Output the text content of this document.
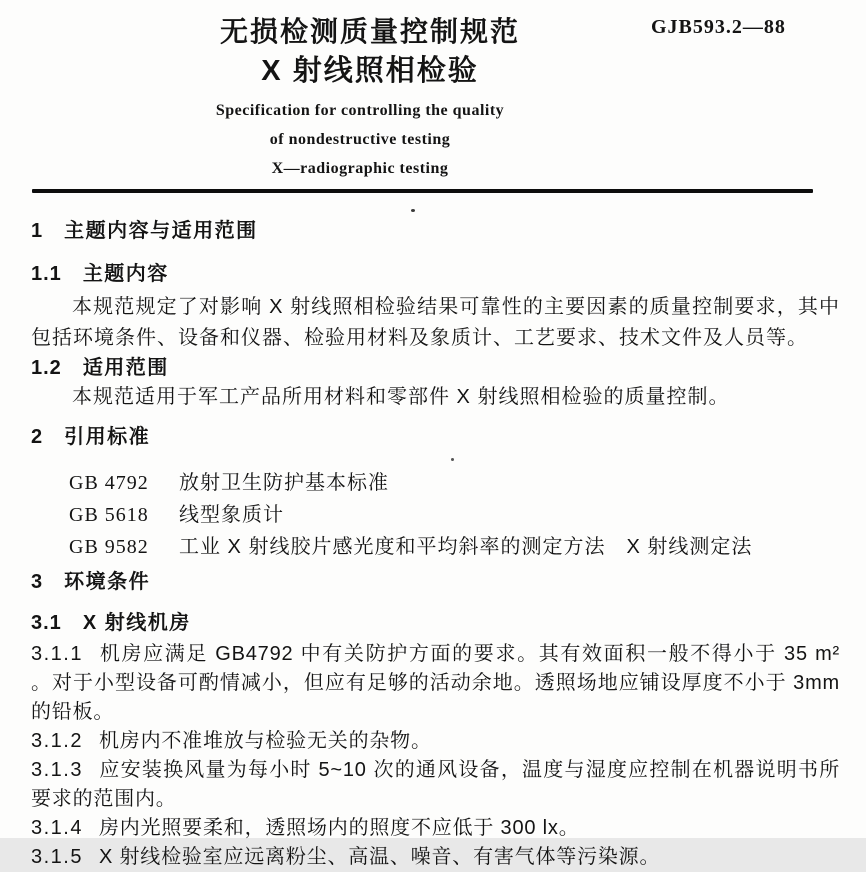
GJB593.2—88
无损检测质量控制规范
X 射线照相检验
Specification for controlling the quality
of nondestructive testing
X—radiographic testing
1 主题内容与适用范围
1.1 主题内容

本规范规定了对影响 X 射线照相检验结果可靠性的主要因素的质量控制要求，其中包括环境条件、设备和仪器、检验用材料及象质计、工艺要求、技术文件及人员等。

1.2 适用范围

本规范适用于军工产品所用材料和零部件 X 射线照相检验的质量控制。

2 引用标准
GB 4792	放射卫生防护基本标准
GB 5618	线型象质计
GB 9582	工业 X 射线胶片感光度和平均斜率的测定方法　X 射线测定法
3 环境条件
3.1 X 射线机房

3.1.1 机房应满足 GB4792 中有关防护方面的要求。其有效面积一般不得小于 35 m² 。对于小型设备可酌情减小，但应有足够的活动余地。透照场地应铺设厚度不小于 3mm 的铅板。

3.1.2 机房内不准堆放与检验无关的杂物。

3.1.3 应安装换风量为每小时 5~10 次的通风设备，温度与湿度应控制在机器说明书所要求的范围内。

3.1.4 房内光照要柔和，透照场内的照度不应低于 300 lx。

3.1.5 X 射线检验室应远离粉尘、高温、噪音、有害气体等污染源。
